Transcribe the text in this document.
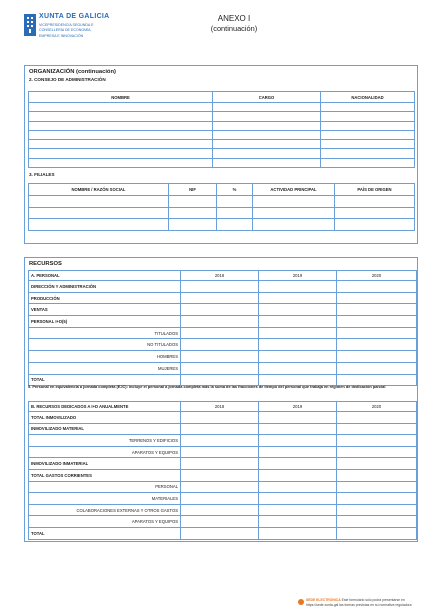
XUNTA DE GALICIA
VICEPRESIDENCIA SEGUNDA E
CONSELLERÍA DE ECONOMÍA,
EMPRESA E INNOVACIÓN
ANEXO I
(continuación)
ORGANIZACIÓN (continuación)
2. CONSEJO DE ADMINISTRACIÓN
NOMBRE	CARGO	NACIONALIDAD

3. FILIALES
NOMBRE / RAZÓN SOCIAL	NIF	%	ACTIVIDAD PRINCIPAL	PAÍS DE ORIGEN

RECURSOS
A. PERSONAL	2018	2019	2020
DIRECCIÓN Y ADMINISTRACIÓN			
PRODUCCIÓN			
VENTAS			
PERSONAL I+D(5)			
TITULADOS			
NO TITULADOS			
HOMBRES			
MUJERES			
TOTAL			
5. Personal en equivalencia a jornada completa (EJC): incluye el personal a jornada completa más la suma de las fracciones de tiempo del personal que trabaja en régimen de dedicación parcial
B. RECURSOS DEDICADOS A I+D ANUALMENTE	2018	2019	2020
TOTAL INMOVILIZADO			
INMOVILIZADO MATERIAL			
TERRENOS Y EDIFICIOS			
APARATOS Y EQUIPOS			
INMOVILIZADO INMATERIAL			
TOTAL GASTOS CORRIENTES			
PERSONAL			
MATERIALES			
COLABORACIONES EXTERNAS Y OTROS GASTOS			
APARATOS Y EQUIPOS			
TOTAL			
SEDE ELECTRÓNICA Este formulario sólo podrá presentarse en
https://sede.xunta.gal las formas previstas en su normativa reguladora
